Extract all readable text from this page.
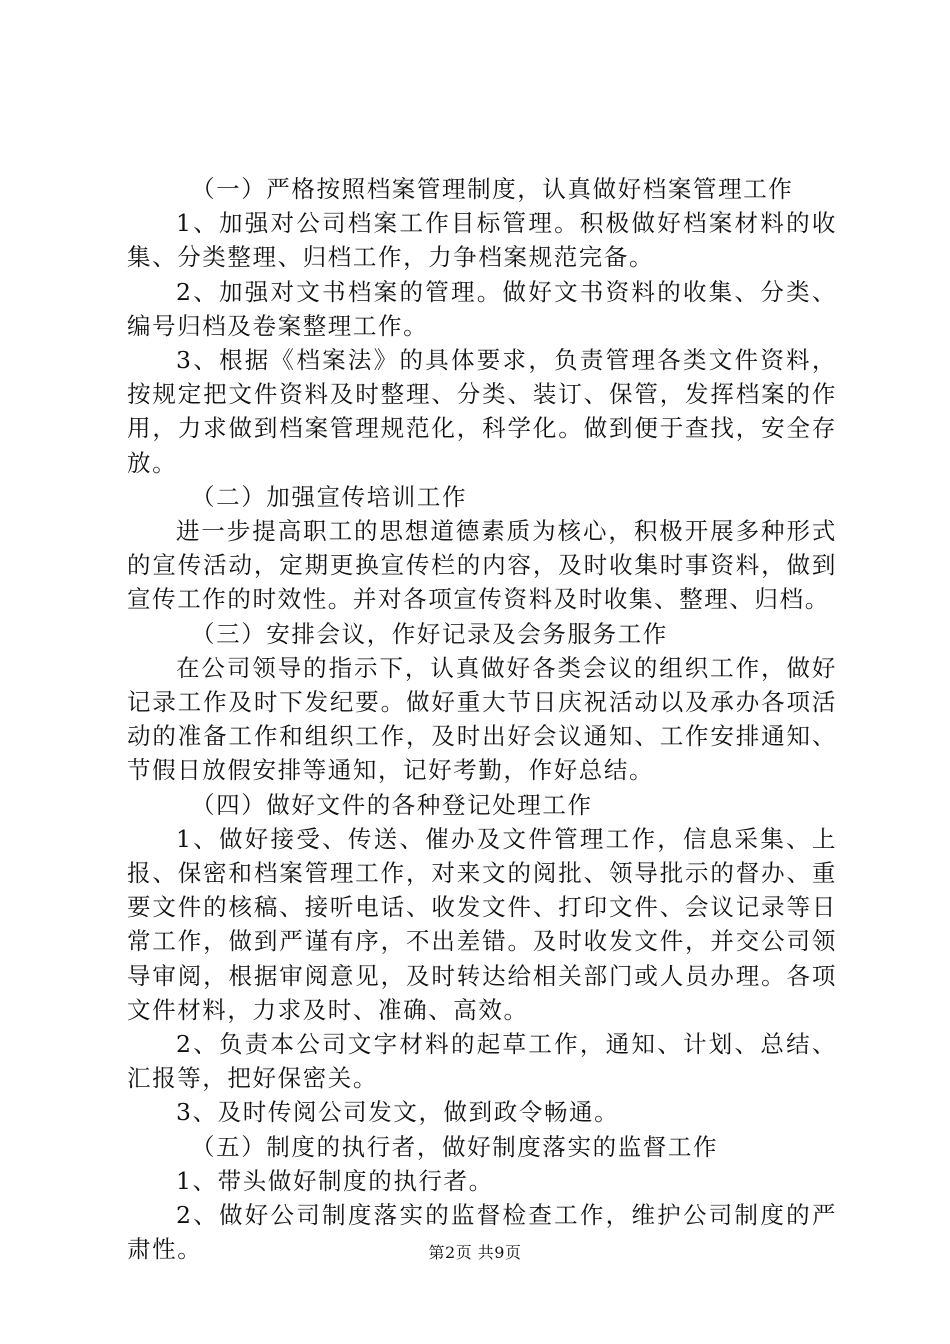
（一）严格按照档案管理制度，认真做好档案管理工作

1、加强对公司档案工作目标管理。积极做好档案材料的收集、分类整理、归档工作，力争档案规范完备。

2、加强对文书档案的管理。做好文书资料的收集、分类、编号归档及卷案整理工作。

3、根据《档案法》的具体要求，负责管理各类文件资料，按规定把文件资料及时整理、分类、装订、保管，发挥档案的作用，力求做到档案管理规范化，科学化。做到便于查找，安全存放。

（二）加强宣传培训工作

进一步提高职工的思想道德素质为核心，积极开展多种形式的宣传活动，定期更换宣传栏的内容，及时收集时事资料，做到宣传工作的时效性。并对各项宣传资料及时收集、整理、归档。

（三）安排会议，作好记录及会务服务工作

在公司领导的指示下，认真做好各类会议的组织工作，做好记录工作及时下发纪要。做好重大节日庆祝活动以及承办各项活动的准备工作和组织工作，及时出好会议通知、工作安排通知、节假日放假安排等通知，记好考勤，作好总结。

（四）做好文件的各种登记处理工作

1、做好接受、传送、催办及文件管理工作，信息采集、上报、保密和档案管理工作，对来文的阅批、领导批示的督办、重要文件的核稿、接听电话、收发文件、打印文件、会议记录等日常工作，做到严谨有序，不出差错。及时收发文件，并交公司领导审阅，根据审阅意见，及时转达给相关部门或人员办理。各项文件材料，力求及时、准确、高效。

2、负责本公司文字材料的起草工作，通知、计划、总结、汇报等，把好保密关。

3、及时传阅公司发文，做到政令畅通。

（五）制度的执行者，做好制度落实的监督工作

1、带头做好制度的执行者。

2、做好公司制度落实的监督检查工作，维护公司制度的严肃性。	第2页 共9页
